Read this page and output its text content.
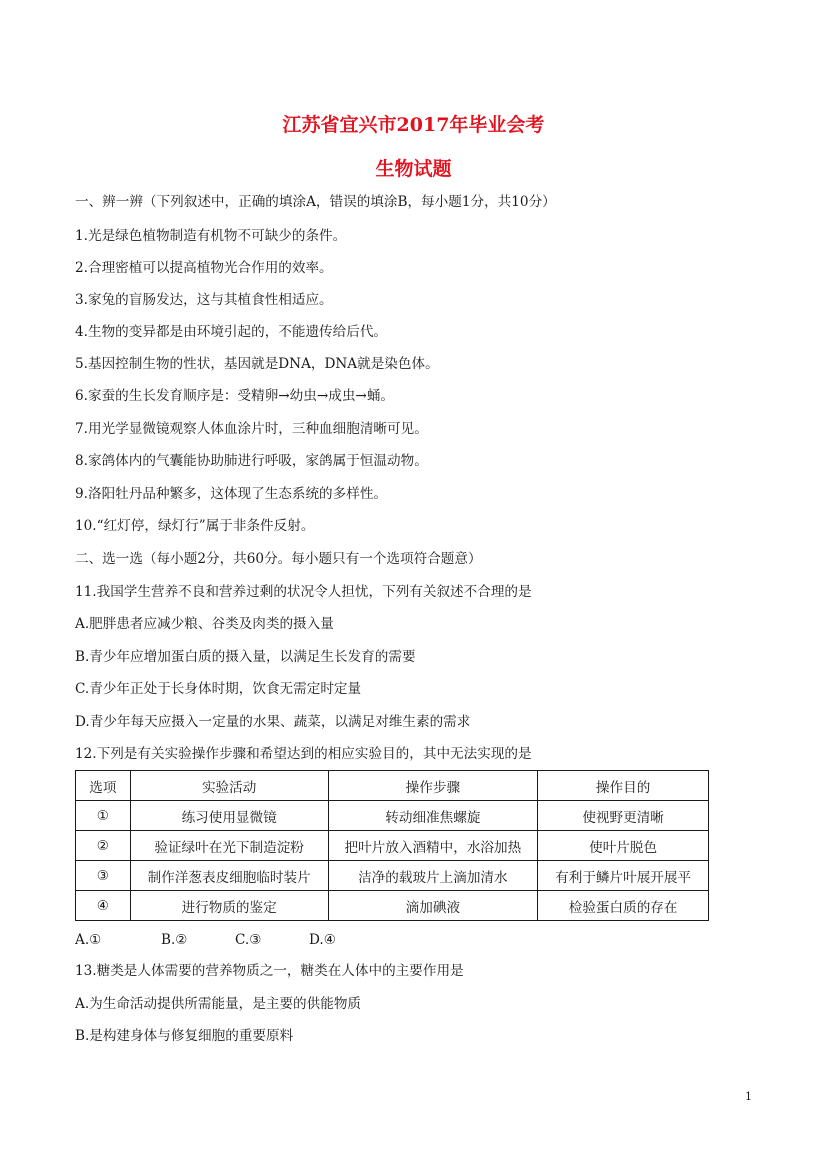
江苏省宜兴市2017年毕业会考
生物试题
一、辨一辨（下列叙述中，正确的填涂A，错误的填涂B，每小题1分，共10分）
1.光是绿色植物制造有机物不可缺少的条件。
2.合理密植可以提高植物光合作用的效率。
3.家兔的盲肠发达，这与其植食性相适应。
4.生物的变异都是由环境引起的，不能遗传给后代。
5.基因控制生物的性状，基因就是DNA，DNA就是染色体。
6.家蚕的生长发育顺序是：受精卵→幼虫→成虫→蛹。
7.用光学显微镜观察人体血涂片时，三种血细胞清晰可见。
8.家鸽体内的气囊能协助肺进行呼吸，家鸽属于恒温动物。
9.洛阳牡丹品种繁多，这体现了生态系统的多样性。
10.“红灯停，绿灯行”属于非条件反射。
二、选一选（每小题2分，共60分。每小题只有一个选项符合题意）
11.我国学生营养不良和营养过剩的状况令人担忧，下列有关叙述不合理的是
A.肥胖患者应减少粮、谷类及肉类的摄入量
B.青少年应增加蛋白质的摄入量，以满足生长发育的需要
C.青少年正处于长身体时期，饮食无需定时定量
D.青少年每天应摄入一定量的水果、蔬菜，以满足对维生素的需求
12.下列是有关实验操作步骤和希望达到的相应实验目的，其中无法实现的是
选项	实验活动	操作步骤	操作目的
①	练习使用显微镜	转动细准焦螺旋	使视野更清晰
②	验证绿叶在光下制造淀粉	把叶片放入酒精中，水浴加热	使叶片脱色
③	制作洋葱表皮细胞临时装片	洁净的载玻片上滴加清水	有利于鳞片叶展开展平
④	进行物质的鉴定	滴加碘液	检验蛋白质的存在
A.①	B.②	C.③	D.④
13.糖类是人体需要的营养物质之一，糖类在人体中的主要作用是
A.为生命活动提供所需能量，是主要的供能物质
B.是构建身体与修复细胞的重要原料
1
